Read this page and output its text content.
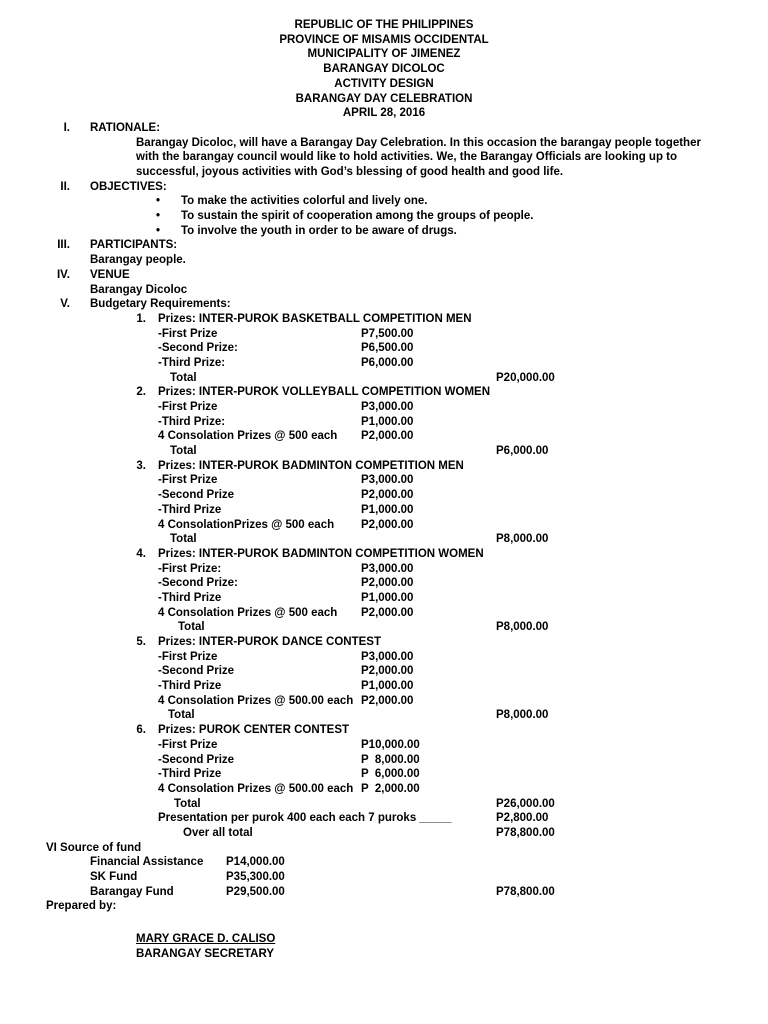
REPUBLIC OF THE PHILIPPINES
PROVINCE OF MISAMIS OCCIDENTAL
MUNICIPALITY OF JIMENEZ
BARANGAY DICOLOC
ACTIVITY DESIGN
BARANGAY DAY CELEBRATION
APRIL 28, 2016
I. RATIONALE:
Barangay Dicoloc, will have a Barangay Day Celebration. In this occasion the barangay people together with the barangay council would like to hold activities. We, the Barangay Officials are looking up to successful, joyous activities with God’s blessing of good health and good life.
II. OBJECTIVES:
• To make the activities colorful and lively one.
• To sustain the spirit of cooperation among the groups of people.
• To involve the youth in order to be aware of drugs.
III. PARTICIPANTS:
Barangay people.
IV. VENUE
Barangay Dicoloc
V. Budgetary Requirements:
1. Prizes: INTER-PUROK BASKETBALL COMPETITION MEN
-First Prize	P7,500.00
-Second Prize:	P6,500.00
-Third Prize:	P6,000.00
Total	P20,000.00
2. Prizes: INTER-PUROK VOLLEYBALL COMPETITION WOMEN
-First Prize	P3,000.00
-Third Prize:	P1,000.00
4 Consolation Prizes @ 500 each P2,000.00
Total	P6,000.00
3. Prizes: INTER-PUROK BADMINTON COMPETITION MEN
-First Prize	P3,000.00
-Second Prize	P2,000.00
-Third Prize	P1,000.00
4 ConsolationPrizes @ 500 each P2,000.00
Total	P8,000.00
4. Prizes: INTER-PUROK BADMINTON COMPETITION WOMEN
-First Prize:	P3,000.00
-Second Prize:	P2,000.00
-Third Prize	P1,000.00
4 Consolation Prizes @ 500 each P2,000.00
Total	P8,000.00
5. Prizes: INTER-PUROK DANCE CONTEST
-First Prize	P3,000.00
-Second Prize	P2,000.00
-Third Prize	P1,000.00
4 Consolation Prizes @ 500.00 each P2,000.00
Total	P8,000.00
6. Prizes: PUROK CENTER CONTEST
-First Prize	P10,000.00
-Second Prize	P  8,000.00
-Third Prize	P  6,000.00
4 Consolation Prizes @ 500.00 each P  2,000.00
Total	P26,000.00
Presentation per purok 400 each each 7 puroks _____	P2,800.00
Over all total	P78,800.00
VI Source of fund
Financial Assistance P14,000.00
SK Fund	P35,300.00
Barangay Fund	P29,500.00	P78,800.00
Prepared by:
MARY GRACE D. CALISO
BARANGAY SECRETARY
